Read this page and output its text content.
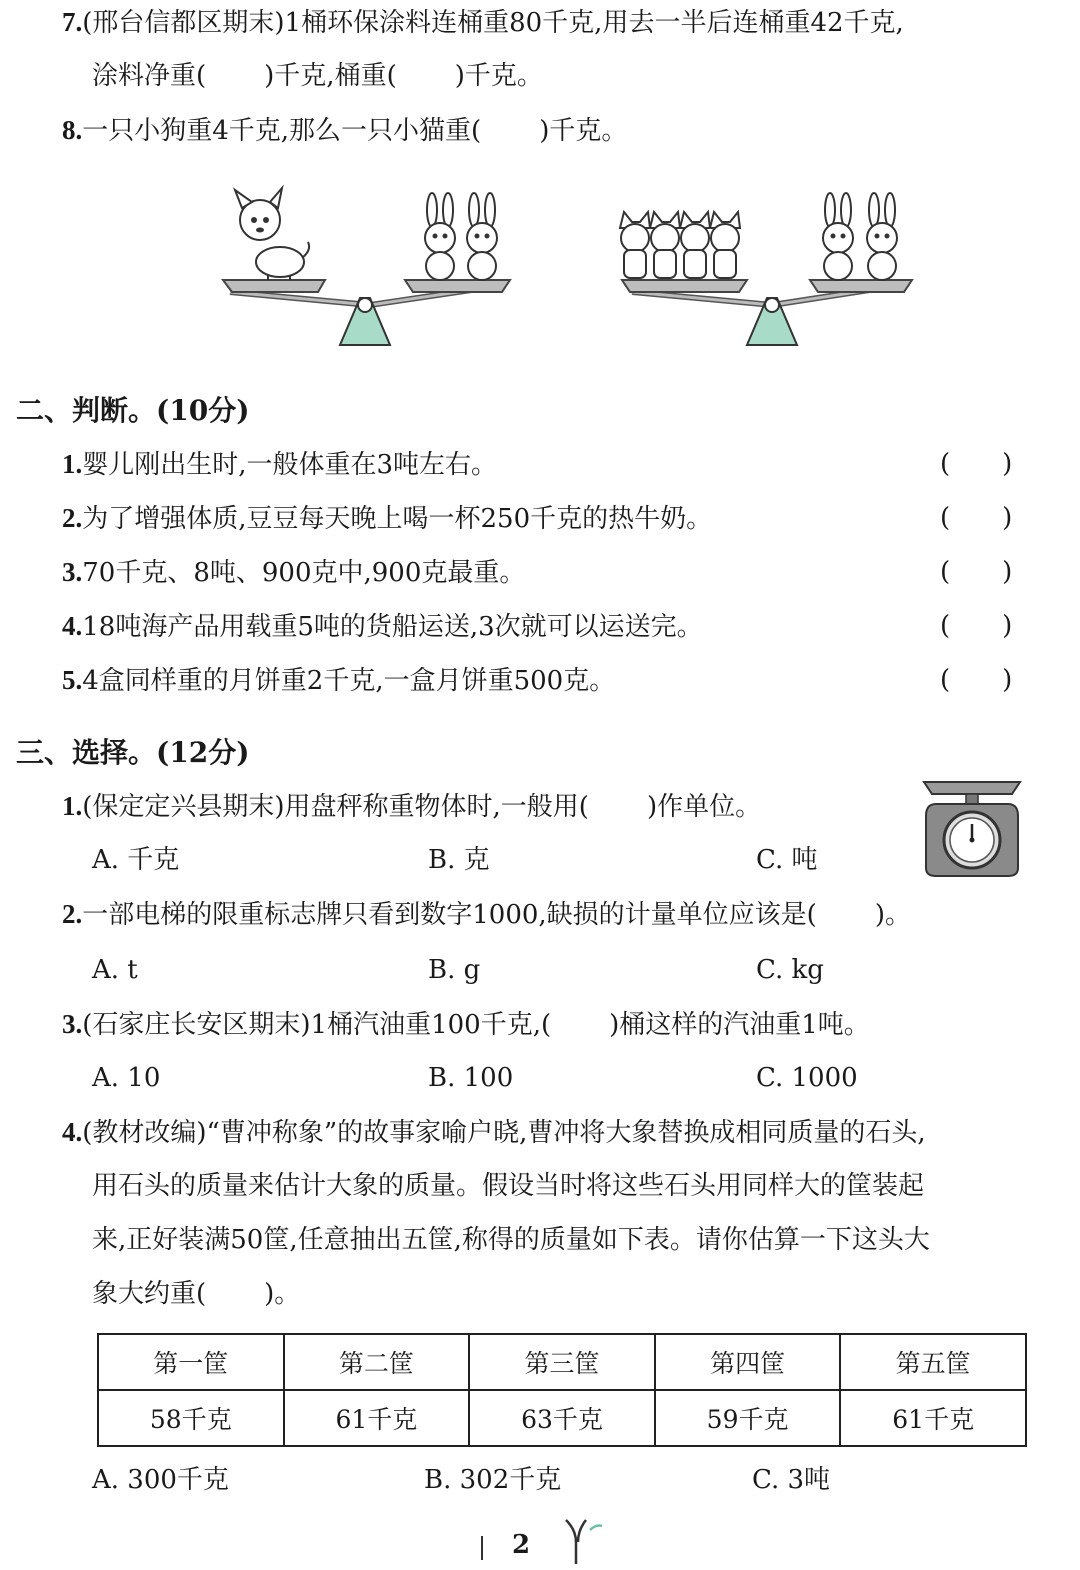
7.(邢台信都区期末)1桶环保涂料连桶重80千克,用去一半后连桶重42千克,
涂料净重( )千克,桶重( )千克。
8.一只小狗重4千克,那么一只小猫重( )千克。
二、判断。(10分)
1.婴儿刚出生时,一般体重在3吨左右。	(　　)
2.为了增强体质,豆豆每天晚上喝一杯250千克的热牛奶。	(　　)
3.70千克、8吨、900克中,900克最重。	(　　)
4.18吨海产品用载重5吨的货船运送,3次就可以运送完。	(　　)
5.4盒同样重的月饼重2千克,一盒月饼重500克。	(　　)
三、选择。(12分)
1.(保定定兴县期末)用盘秤称重物体时,一般用( )作单位。
A. 千克	B. 克	C. 吨
2.一部电梯的限重标志牌只看到数字1000,缺损的计量单位应该是( )。
A. t	B. g	C. kg
3.(石家庄长安区期末)1桶汽油重100千克,( )桶这样的汽油重1吨。
A. 10	B. 100	C. 1000
4.(教材改编)“曹冲称象”的故事家喻户晓,曹冲将大象替换成相同质量的石头,
用石头的质量来估计大象的质量。假设当时将这些石头用同样大的筐装起
来,正好装满50筐,任意抽出五筐,称得的质量如下表。请你估算一下这头大
象大约重( )。
第一筐	第二筐	第三筐	第四筐	第五筐
58千克	61千克	63千克	59千克	61千克
A. 300千克	B. 302千克	C. 3吨
2
